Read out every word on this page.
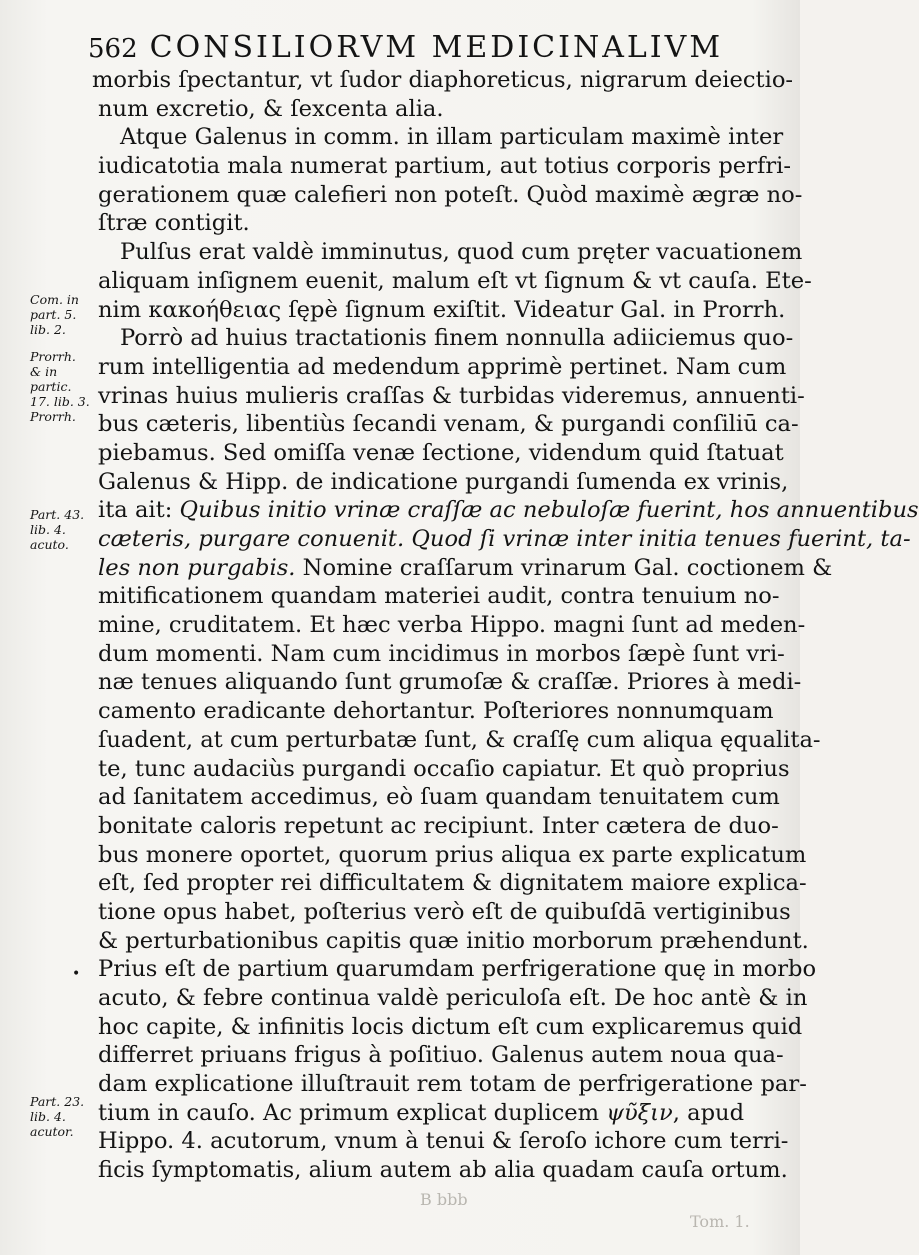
562 CONSILIORVM MEDICINALIVM
morbis ſpectantur, vt ſudor diaphoreticus, nigrarum deiectio-
num excretio, & ſexcenta alia.
Atque Galenus in comm. in illam particulam maximè inter
iudicatotia mala numerat partium, aut totius corporis perfri-
gerationem quæ calefieri non poteſt. Quòd maximè ægræ no-
ſtræ contigit.
Pulſus erat valdè imminutus, quod cum pręter vacuationem
aliquam inſignem euenit, malum eſt vt ſignum & vt cauſa. Ete-
nim κακοήθειας ſępè ſignum exiſtit. Videatur Gal. in Prorrh.
Porrò ad huius tractationis finem nonnulla adiiciemus quo-
rum intelligentia ad medendum apprimè pertinet. Nam cum
vrinas huius mulieris craſſas & turbidas videremus, annuenti-
bus cæteris, libentiùs ſecandi venam, & purgandi conſiliū ca-
piebamus. Sed omiſſa venæ ſectione, videndum quid ſtatuat
Galenus & Hipp. de indicatione purgandi ſumenda ex vrinis,
ita ait: Quibus initio vrinæ craſſæ ac nebuloſæ fuerint, hos annuentibus
cæteris, purgare conuenit. Quod ſi vrinæ inter initia tenues fuerint, ta-
les non purgabis. Nomine craſſarum vrinarum Gal. coctionem &
mitificationem quandam materiei audit, contra tenuium no-
mine, cruditatem. Et hæc verba Hippo. magni ſunt ad meden-
dum momenti. Nam cum incidimus in morbos ſæpè ſunt vri-
næ tenues aliquando ſunt grumoſæ & craſſæ. Priores à medi-
camento eradicante dehortantur. Poſteriores nonnumquam
ſuadent, at cum perturbatæ ſunt, & craſſę cum aliqua ęqualita-
te, tunc audaciùs purgandi occaſio capiatur. Et quò proprius
ad ſanitatem accedimus, eò ſuam quandam tenuitatem cum
bonitate caloris repetunt ac recipiunt. Inter cætera de duo-
bus monere oportet, quorum prius aliqua ex parte explicatum
eſt, ſed propter rei difficultatem & dignitatem maiore explica-
tione opus habet, poſterius verò eſt de quibuſdā vertiginibus
& perturbationibus capitis quæ initio morborum præhendunt.
Prius eſt de partium quarumdam perfrigeratione quę in morbo
acuto, & febre continua valdè periculoſa eſt. De hoc antè & in
hoc capite, & infinitis locis dictum eſt cum explicaremus quid
differret priuans frigus à poſitiuo. Galenus autem noua qua-
dam explicatione illuſtrauit rem totam de perfrigeratione par-
tium in cauſo. Ac primum explicat duplicem ψῦξιν, apud
Hippo. 4. acutorum, vnum à tenui & ſeroſo ichore cum terri-
ficis ſymptomatis, alium autem ab alia quadam cauſa ortum.
Com. in
part. 5.
lib. 2.
Prorrh.
& in
partic.
17. lib. 3.
Prorrh.
Part. 43.
lib. 4.
acuto.
Part. 23.
lib. 4.
acutor.
•
B bbb
Tom. 1.
